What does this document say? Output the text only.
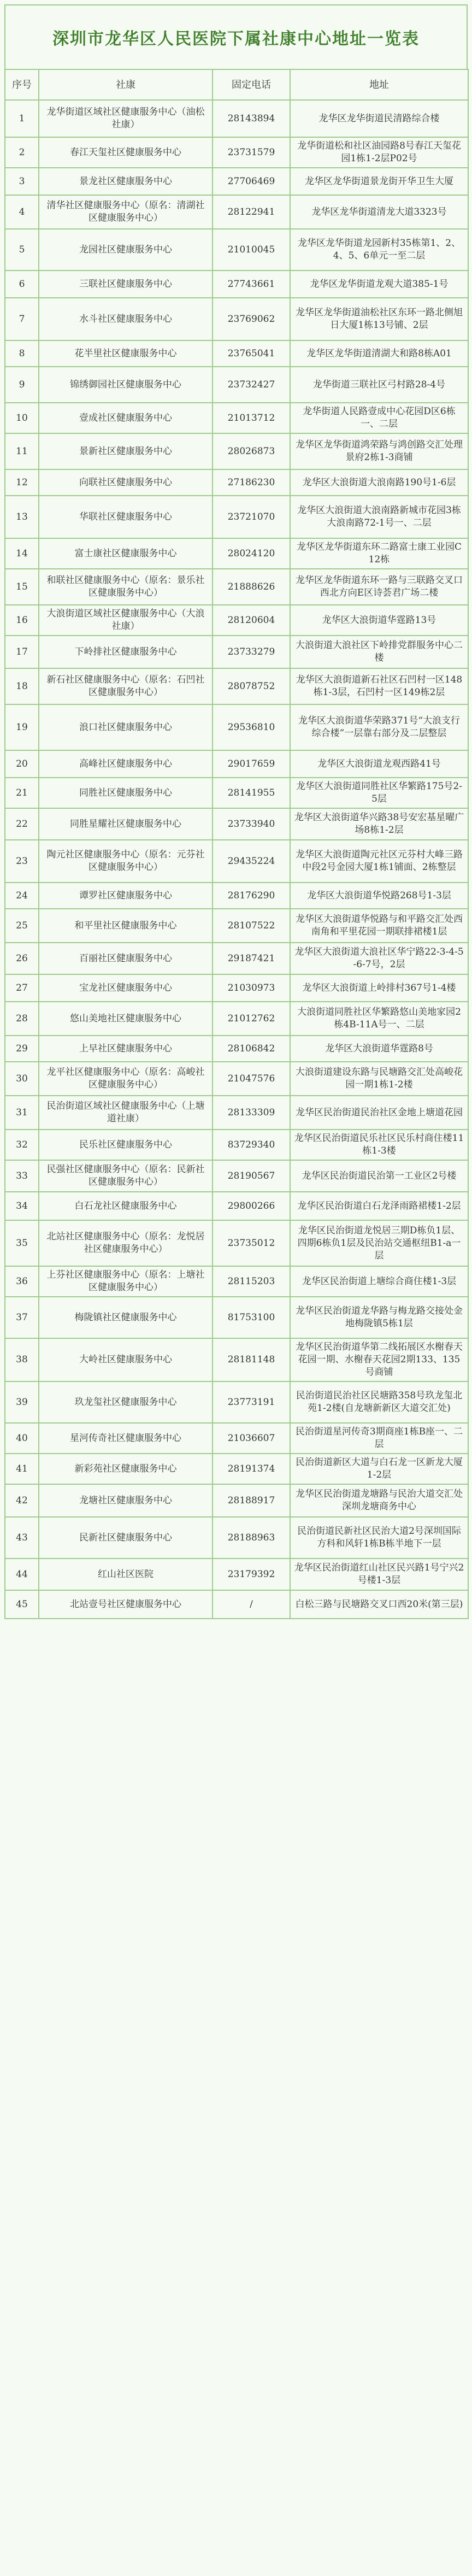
深圳市龙华区人民医院下属社康中心地址一览表
序号	社康	固定电话	地址
1	龙华街道区域社区健康服务中心（油松社康）	28143894	龙华区龙华街道民清路综合楼
2	春江天玺社区健康服务中心	23731579	龙华街道松和社区油园路8号春江天玺花园1栋1-2层P02号
3	景龙社区健康服务中心	27706469	龙华区龙华街道景龙街开华卫生大厦
4	清华社区健康服务中心（原名：清湖社区健康服务中心）	28122941	龙华区龙华街道清龙大道3323号
5	龙园社区健康服务中心	21010045	龙华区龙华街道龙园新村35栋第1、2、4、5、6单元一至二层
6	三联社区健康服务中心	27743661	龙华区龙华街道龙观大道385-1号
7	水斗社区健康服务中心	23769062	龙华区龙华街道油松社区东环一路北侧旭日大厦1栋13号铺、2层
8	花半里社区健康服务中心	23765041	龙华区龙华街道清湖大和路8栋A01
9	锦绣御园社区健康服务中心	23732427	龙华街道三联社区弓村路28-4号
10	壹成社区健康服务中心	21013712	龙华街道人民路壹成中心花园D区6栋一、二层
11	景新社区健康服务中心	28026873	龙华区龙华街道鸿荣路与鸿创路交汇处理景府2栋1-3商铺
12	向联社区健康服务中心	27186230	龙华区大浪街道大浪南路190号1-6层
13	华联社区健康服务中心	23721070	龙华区大浪街道大浪南路新城市花园3栋大浪南路72-1号一、二层
14	富士康社区健康服务中心	28024120	龙华区龙华街道东环二路富士康工业园C12栋
15	和联社区健康服务中心（原名：景乐社区健康服务中心）	21888626	龙华区龙华街道东环一路与三联路交叉口西北方向E区诗荟君广场二楼
16	大浪街道区域社区健康服务中心（大浪社康）	28120604	龙华区大浪街道华霆路13号
17	下岭排社区健康服务中心	23733279	大浪街道大浪社区下岭排党群服务中心二楼
18	新石社区健康服务中心（原名：石凹社区健康服务中心）	28078752	龙华区大浪街道新石社区石凹村一区148栋1-3层，石凹村一区149栋2层
19	浪口社区健康服务中心	29536810	龙华区大浪街道华荣路371号“大浪支行综合楼”一层靠右部分及二层整层
20	高峰社区健康服务中心	29017659	龙华区大浪街道龙观西路41号
21	同胜社区健康服务中心	28141955	龙华区大浪街道同胜社区华繁路175号2-5层
22	同胜星耀社区健康服务中心	23733940	龙华区大浪街道华兴路38号安宏基星曜广场8栋1-2层
23	陶元社区健康服务中心（原名：元芬社区健康服务中心）	29435224	龙华区大浪街道陶元社区元芬村大峰三路中段2号金园大厦1栋1铺面、2栋整层
24	谭罗社区健康服务中心	28176290	龙华区大浪街道华悦路268号1-3层
25	和平里社区健康服务中心	28107522	龙华区大浪街道华悦路与和平路交汇处西南角和平里花园一期联排裙楼1层
26	百丽社区健康服务中心	29187421	龙华区大浪街道大浪社区华宁路22-3-4-5-6-7号，2层
27	宝龙社区健康服务中心	21030973	龙华区大浪街道上岭排村367号1-4楼
28	悠山美地社区健康服务中心	21012762	大浪街道同胜社区华繁路悠山美地家园2栋4B-11A号一、二层
29	上早社区健康服务中心	28106842	龙华区大浪街道华霆路8号
30	龙平社区健康服务中心（原名：高峻社区健康服务中心）	21047576	大浪街道建设东路与民塘路交汇处高峻花园一期1栋1-2楼
31	民治街道区域社区健康服务中心（上塘道社康）	28133309	龙华区民治街道民治社区金地上塘道花园
32	民乐社区健康服务中心	83729340	龙华区民治街道民乐社区民乐村商住楼11栋1-3楼
33	民强社区健康服务中心（原名：民新社区健康服务中心）	28190567	龙华区民治街道民治第一工业区2号楼
34	白石龙社区健康服务中心	29800266	龙华区民治街道白石龙泽雨路裙楼1-2层
35	北站社区健康服务中心（原名：龙悦居社区健康服务中心）	23735012	龙华区民治街道龙悦居三期D栋负1层、四期6栋负1层及民治站交通枢纽B1-a一层
36	上芬社区健康服务中心（原名：上塘社区健康服务中心）	28115203	龙华区民治街道上塘综合商住楼1-3层
37	梅陇镇社区健康服务中心	81753100	龙华区民治街道龙华路与梅龙路交接处金地梅陇镇5栋1层
38	大岭社区健康服务中心	28181148	龙华区民治街道华第二线拓展区水榭春天花园一期、水榭春天花园2期133、135号商铺
39	玖龙玺社区健康服务中心	23773191	民治街道民治社区民塘路358号玖龙玺北苑1-2楼(自龙塘新新区大道交汇处)
40	星河传奇社区健康服务中心	21036607	民治街道星河传奇3期商座1栋B座一、二层
41	新彩苑社区健康服务中心	28191374	民治街道新区大道与白石龙一区新龙大厦1-2层
42	龙塘社区健康服务中心	28188917	龙华区民治街道龙塘路与民治大道交汇处深圳龙塘商务中心
43	民新社区健康服务中心	28188963	民治街道民新社区民治大道2号深圳国际方科和风轩1栋B栋半地下一层
44	红山社区医院	23179392	龙华区民治街道红山社区民兴路1号宁兴2号楼1-3层
45	北站壹号社区健康服务中心	/	白松三路与民塘路交叉口西20米(第三层)
